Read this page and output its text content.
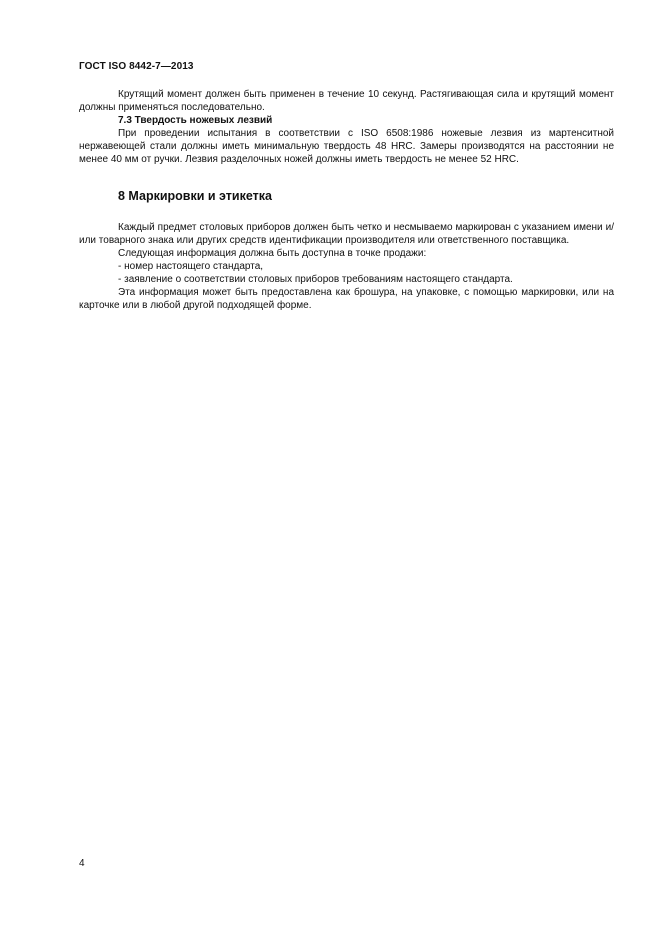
ГОСТ ISO 8442-7—2013

Крутящий момент должен быть применен в течение 10 секунд. Растягивающая сила и крутящий момент должны применяться последовательно.

7.3 Твердость ножевых лезвий

При проведении испытания в соответствии с ISO 6508:1986 ножевые лезвия из мартенситной нержавеющей стали должны иметь минимальную твердость 48 HRC. Замеры производятся на расстоянии не менее 40 мм от ручки. Лезвия разделочных ножей должны иметь твердость не менее 52 HRC.

8 Маркировки и этикетка

Каждый предмет столовых приборов должен быть четко и несмываемо маркирован с указанием имени и/или товарного знака или других средств идентификации производителя или ответственного поставщика.

Следующая информация должна быть доступна в точке продажи:

- номер настоящего стандарта,

- заявление о соответствии столовых приборов требованиям настоящего стандарта.

Эта информация может быть предоставлена как брошура, на упаковке, с помощью маркировки, или на карточке или в любой другой подходящей форме.

4
